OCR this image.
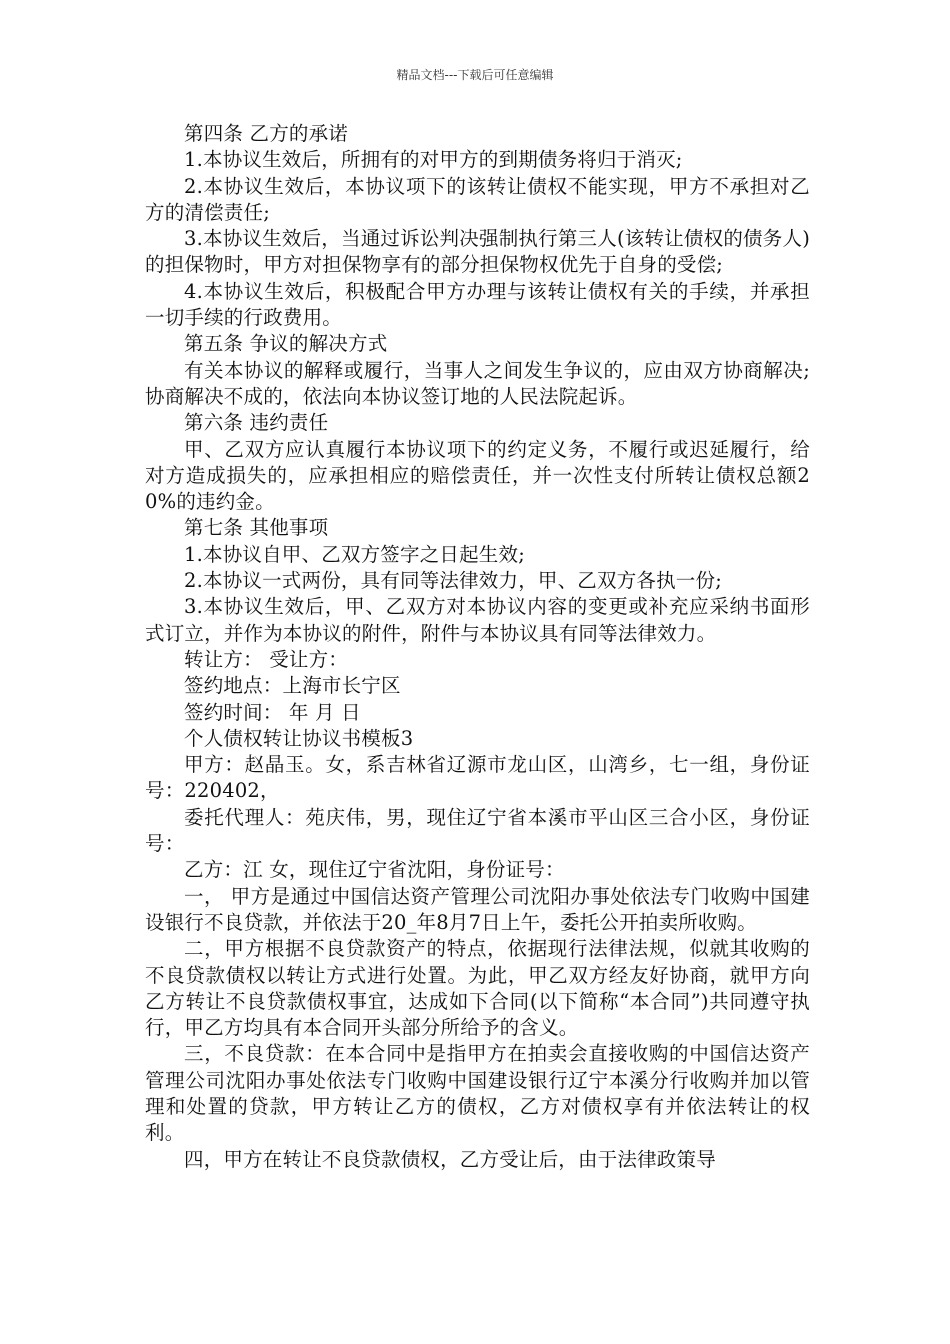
精品文档---下载后可任意编辑

第四条 乙方的承诺

1.本协议生效后，所拥有的对甲方的到期债务将归于消灭;

2.本协议生效后，本协议项下的该转让债权不能实现，甲方不承担对乙方的清偿责任;

3.本协议生效后，当通过诉讼判决强制执行第三人(该转让债权的债务人)的担保物时，甲方对担保物享有的部分担保物权优先于自身的受偿;

4.本协议生效后，积极配合甲方办理与该转让债权有关的手续，并承担一切手续的行政费用。

第五条 争议的解决方式

有关本协议的解释或履行，当事人之间发生争议的，应由双方协商解决;协商解决不成的，依法向本协议签订地的人民法院起诉。

第六条 违约责任

甲、乙双方应认真履行本协议项下的约定义务，不履行或迟延履行，给对方造成损失的，应承担相应的赔偿责任，并一次性支付所转让债权总额20%的违约金。

第七条 其他事项

1.本协议自甲、乙双方签字之日起生效;

2.本协议一式两份，具有同等法律效力，甲、乙双方各执一份;

3.本协议生效后，甲、乙双方对本协议内容的变更或补充应采纳书面形式订立，并作为本协议的附件，附件与本协议具有同等法律效力。

转让方： 受让方：

签约地点：上海市长宁区

签约时间： 年 月 日

个人债权转让协议书模板3

甲方：赵晶玉。女，系吉林省辽源市龙山区，山湾乡，七一组，身份证号：220402，

委托代理人：苑庆伟，男，现住辽宁省本溪市平山区三合小区，身份证号：

乙方：江 女，现住辽宁省沈阳，身份证号：

一， 甲方是通过中国信达资产管理公司沈阳办事处依法专门收购中国建设银行不良贷款，并依法于20_年8月7日上午，委托公开拍卖所收购。

二，甲方根据不良贷款资产的特点，依据现行法律法规，似就其收购的不良贷款债权以转让方式进行处置。为此，甲乙双方经友好协商，就甲方向乙方转让不良贷款债权事宜，达成如下合同(以下简称“本合同”)共同遵守执行，甲乙方均具有本合同开头部分所给予的含义。

三，不良贷款：在本合同中是指甲方在拍卖会直接收购的中国信达资产管理公司沈阳办事处依法专门收购中国建设银行辽宁本溪分行收购并加以管理和处置的贷款，甲方转让乙方的债权，乙方对债权享有并依法转让的权利。

四，甲方在转让不良贷款债权，乙方受让后，由于法律政策导
